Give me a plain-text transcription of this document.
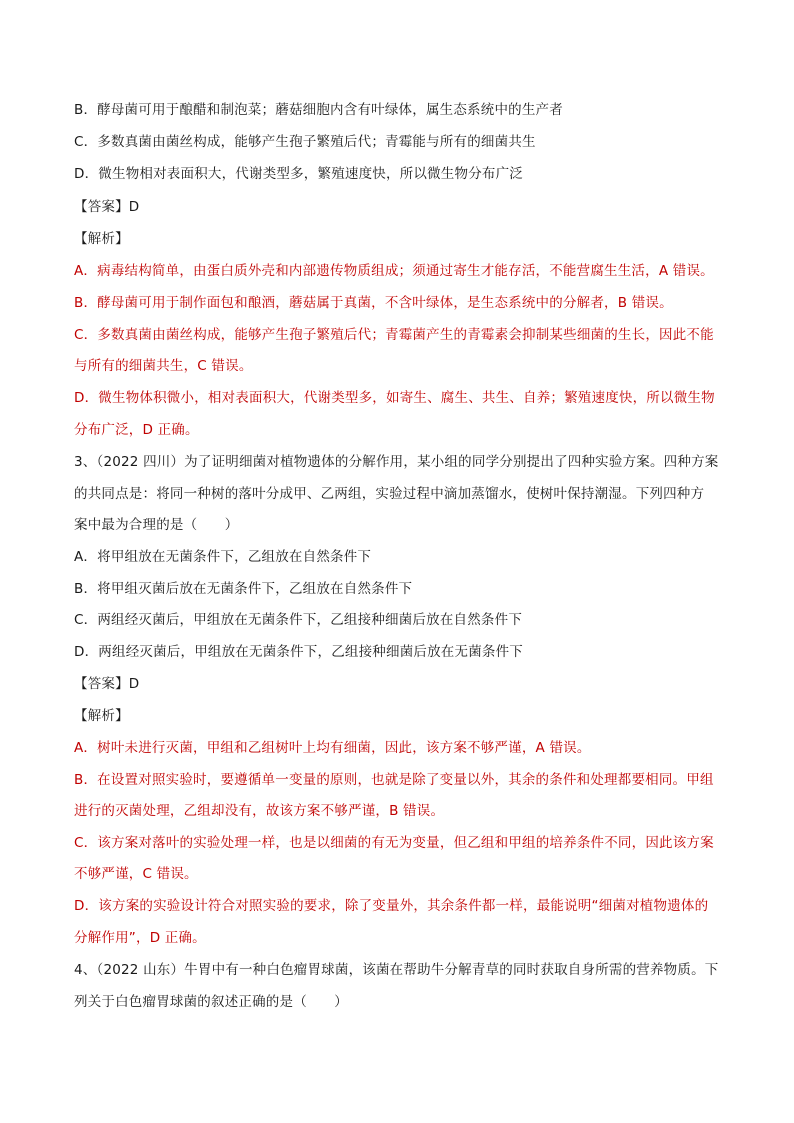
B．酵母菌可用于酿醋和制泡菜；蘑菇细胞内含有叶绿体，属生态系统中的生产者
C．多数真菌由菌丝构成，能够产生孢子繁殖后代；青霉能与所有的细菌共生
D．微生物相对表面积大，代谢类型多，繁殖速度快，所以微生物分布广泛
【答案】D
【解析】
A．病毒结构简单，由蛋白质外壳和内部遗传物质组成；须通过寄生才能存活，不能营腐生生活，A 错误。
B．酵母菌可用于制作面包和酿酒，蘑菇属于真菌，不含叶绿体，是生态系统中的分解者，B 错误。
C．多数真菌由菌丝构成，能够产生孢子繁殖后代；青霉菌产生的青霉素会抑制某些细菌的生长，因此不能
与所有的细菌共生，C 错误。
D．微生物体积微小，相对表面积大，代谢类型多，如寄生、腐生、共生、自养；繁殖速度快，所以微生物
分布广泛，D 正确。
3、（2022 四川）为了证明细菌对植物遗体的分解作用，某小组的同学分别提出了四种实验方案。四种方案
的共同点是：将同一种树的落叶分成甲、乙两组，实验过程中滴加蒸馏水，使树叶保持潮湿。下列四种方
案中最为合理的是（　　）
A．将甲组放在无菌条件下，乙组放在自然条件下
B．将甲组灭菌后放在无菌条件下，乙组放在自然条件下
C．两组经灭菌后，甲组放在无菌条件下，乙组接种细菌后放在自然条件下
D．两组经灭菌后，甲组放在无菌条件下，乙组接种细菌后放在无菌条件下
【答案】D
【解析】
A．树叶未进行灭菌，甲组和乙组树叶上均有细菌，因此，该方案不够严谨，A 错误。
B．在设置对照实验时，要遵循单一变量的原则，也就是除了变量以外，其余的条件和处理都要相同。甲组
进行的灭菌处理，乙组却没有，故该方案不够严谨，B 错误。
C．该方案对落叶的实验处理一样，也是以细菌的有无为变量，但乙组和甲组的培养条件不同，因此该方案
不够严谨，C 错误。
D．该方案的实验设计符合对照实验的要求，除了变量外，其余条件都一样，最能说明“细菌对植物遗体的
分解作用”，D 正确。
4、（2022 山东）牛胃中有一种白色瘤胃球菌，该菌在帮助牛分解青草的同时获取自身所需的营养物质。下
列关于白色瘤胃球菌的叙述正确的是（　　）
